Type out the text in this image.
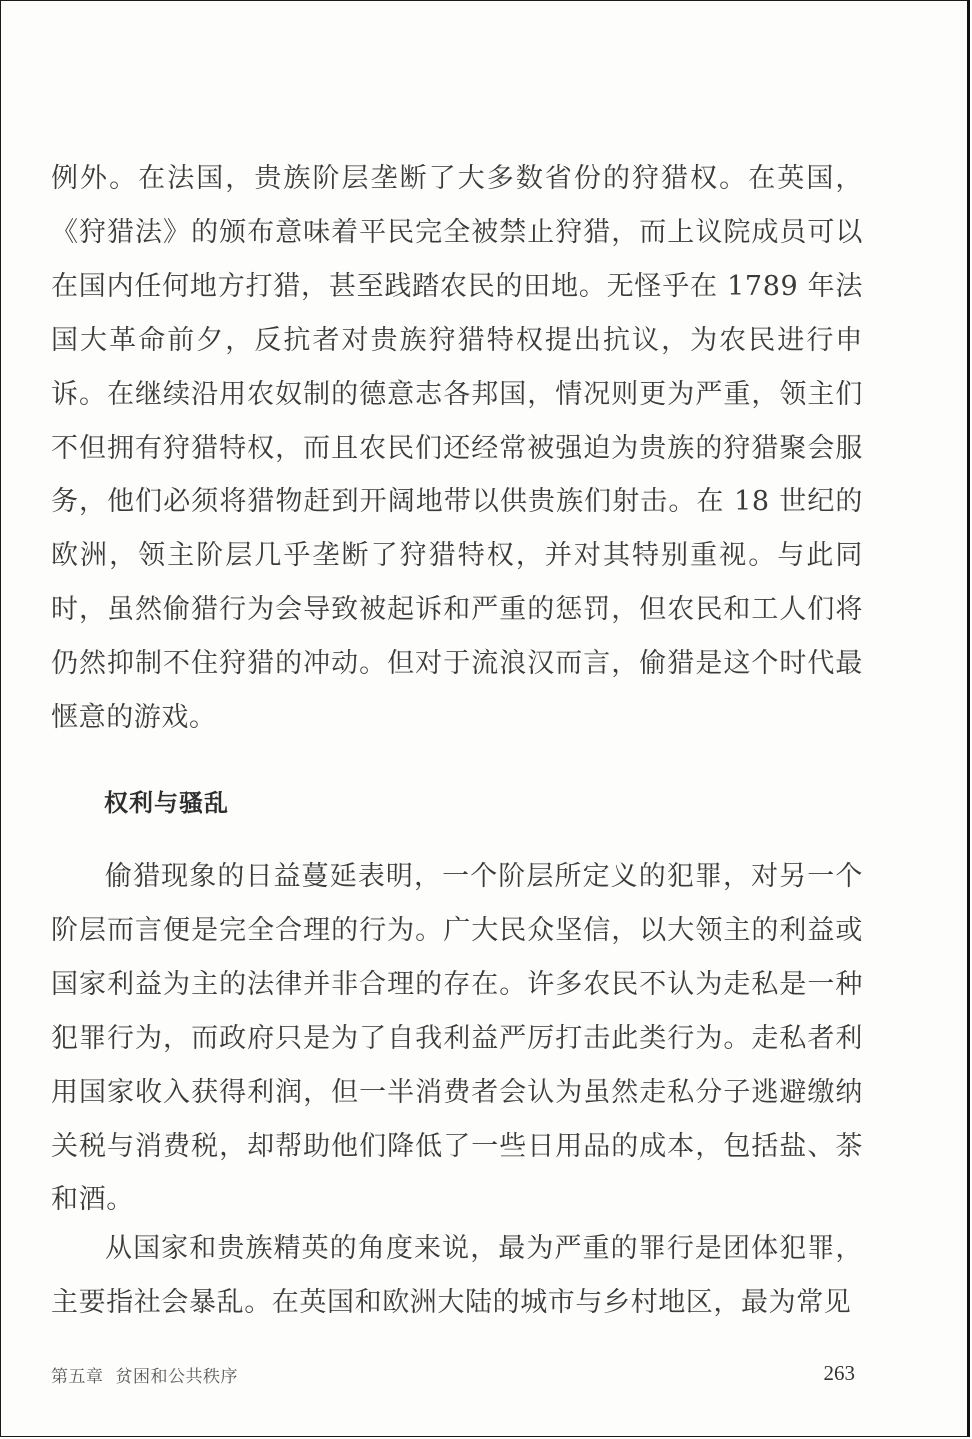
例外。在法国，贵族阶层垄断了大多数省份的狩猎权。在英国，《狩猎法》的颁布意味着平民完全被禁止狩猎，而上议院成员可以在国内任何地方打猎，甚至践踏农民的田地。无怪乎在 1789 年法国大革命前夕，反抗者对贵族狩猎特权提出抗议，为农民进行申诉。在继续沿用农奴制的德意志各邦国，情况则更为严重，领主们不但拥有狩猎特权，而且农民们还经常被强迫为贵族的狩猎聚会服务，他们必须将猎物赶到开阔地带以供贵族们射击。在 18 世纪的欧洲，领主阶层几乎垄断了狩猎特权，并对其特别重视。与此同时，虽然偷猎行为会导致被起诉和严重的惩罚，但农民和工人们将仍然抑制不住狩猎的冲动。但对于流浪汉而言，偷猎是这个时代最惬意的游戏。
权利与骚乱
偷猎现象的日益蔓延表明，一个阶层所定义的犯罪，对另一个阶层而言便是完全合理的行为。广大民众坚信，以大领主的利益或国家利益为主的法律并非合理的存在。许多农民不认为走私是一种犯罪行为，而政府只是为了自我利益严厉打击此类行为。走私者利用国家收入获得利润，但一半消费者会认为虽然走私分子逃避缴纳关税与消费税，却帮助他们降低了一些日用品的成本，包括盐、茶和酒。
从国家和贵族精英的角度来说，最为严重的罪行是团体犯罪，主要指社会暴乱。在英国和欧洲大陆的城市与乡村地区，最为常见
第五章 贫困和公共秩序	263
